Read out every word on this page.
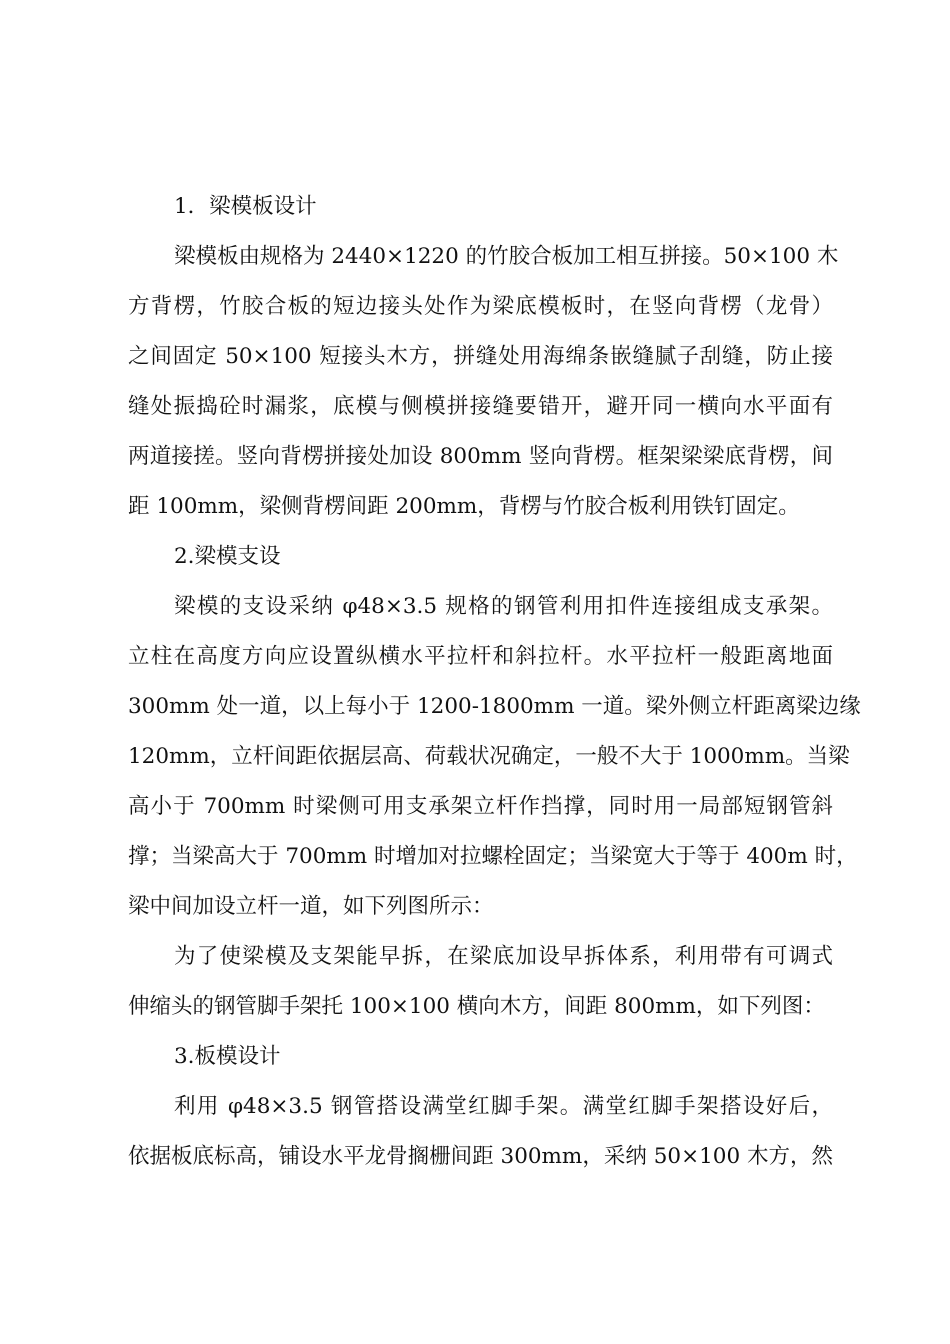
1．梁模板设计
梁模板由规格为 2440×1220 的竹胶合板加工相互拼接。50×100 木
方背楞，竹胶合板的短边接头处作为梁底模板时，在竖向背楞（龙骨）
之间固定 50×100 短接头木方，拼缝处用海绵条嵌缝腻子刮缝，防止接
缝处振捣砼时漏浆，底模与侧模拼接缝要错开，避开同一横向水平面有
两道接搓。竖向背楞拼接处加设 800mm 竖向背楞。框架梁梁底背楞，间
距 100mm，梁侧背楞间距 200mm，背楞与竹胶合板利用铁钉固定。
2.梁模支设
梁模的支设采纳 φ48×3.5 规格的钢管利用扣件连接组成支承架。
立柱在高度方向应设置纵横水平拉杆和斜拉杆。水平拉杆一般距离地面
300mm 处一道，以上每小于 1200-1800mm 一道。梁外侧立杆距离梁边缘
120mm，立杆间距依据层高、荷载状况确定，一般不大于 1000mm。当梁
高小于 700mm 时梁侧可用支承架立杆作挡撑，同时用一局部短钢管斜
撑；当梁高大于 700mm 时增加对拉螺栓固定；当梁宽大于等于 400m 时，
梁中间加设立杆一道，如下列图所示：
为了使梁模及支架能早拆，在梁底加设早拆体系，利用带有可调式
伸缩头的钢管脚手架托 100×100 横向木方，间距 800mm，如下列图：
3.板模设计
利用 φ48×3.5 钢管搭设满堂红脚手架。满堂红脚手架搭设好后，
依据板底标高，铺设水平龙骨搁栅间距 300mm，采纳 50×100 木方，然
